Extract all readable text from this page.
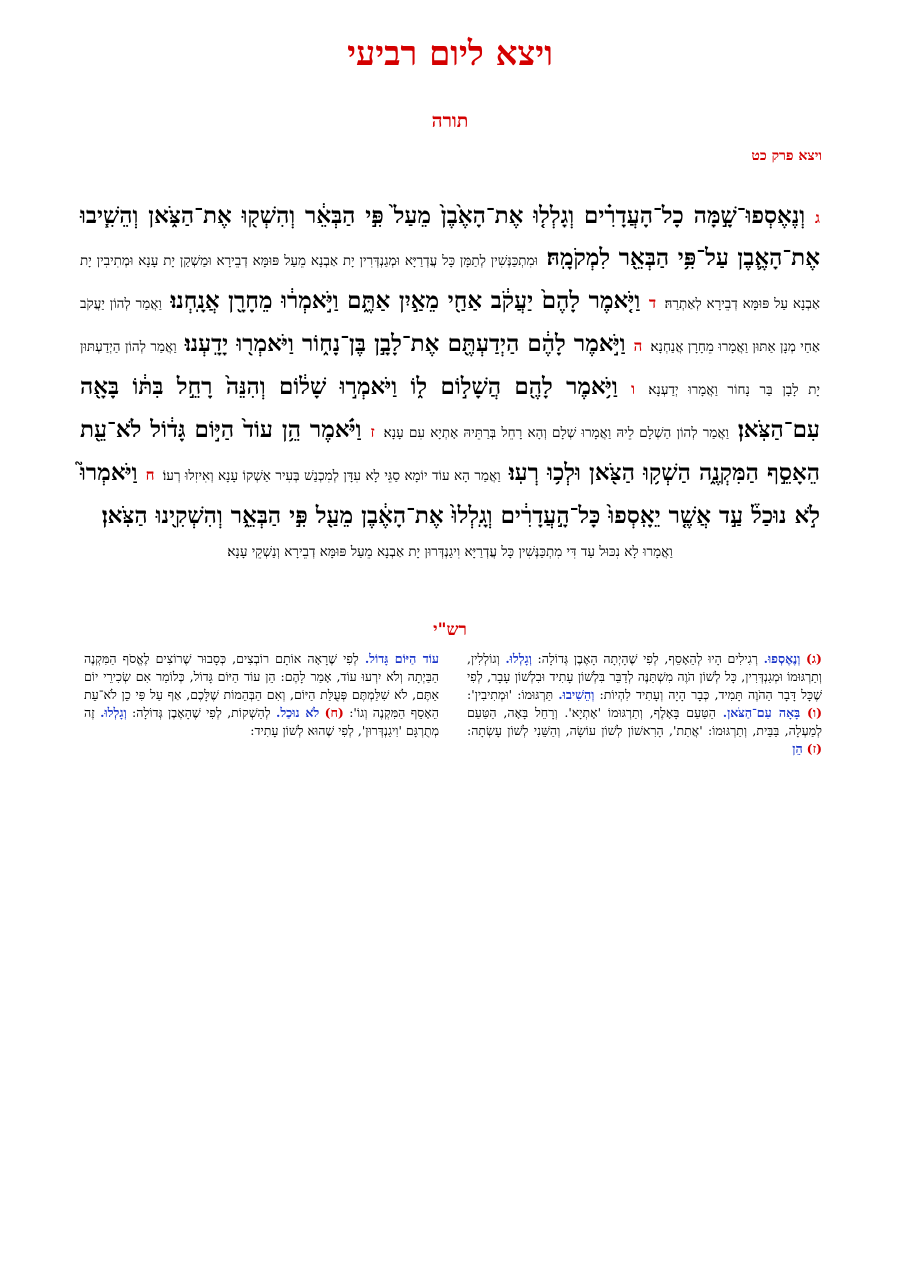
ויצא ליום רביעי
תורה
ויצא פרק כט
ג וְנֶאֶסְפוּ־שָׁ֣מָּה כָל־הָעֲדָרִ֗ים וְגָלְל֤וּ אֶת־הָאֶ֙בֶן֙ מֵעַל֙ פִּ֣י הַבְּאֵ֔ר וְהִשְׁק֖וּ אֶת־הַצֹּ֑אן וְהֵשִׁ֧יבוּ אֶת־הָאֶ֛בֶן עַל־פִּ֥י הַבְּאֵ֖ר לִמְקֹמָֽהּ׃ וּמִתְכַּנְּשִׁין לְתַמָּן כָּל עֲדְרַיָּא וּמְגַנְדְּרִין יָת אַבְנָא מֵעַל פּוּמָּא דְבֵירָא וּמַשְׁקַן יָת עָנָא וּמְתִיבִין יָת אַבְנָא עַל פּוּמָּא דְבֵירָא לְאַתְרַהּ׃ ד וַיֹּ֤אמֶר לָהֶם֙ יַעֲקֹ֔ב אַחַ֖י מֵאַ֣יִן אַתֶּ֑ם וַיֹּ֣אמְר֔וּ מֵחָרָ֖ן אֲנָֽחְנוּ׃ וַאֲמַר לְהוֹן יַעֲקֹב אַחַי מְנָן אַתּוּן וַאֲמָרוּ מֵחָרָן אֲנַחְנָא׃ ה וַיֹּ֣אמֶר לָהֶ֔ם הַיְדַעְתֶּ֖ם אֶת־לָבָ֣ן בֶּן־נָח֑וֹר וַיֹּאמְר֖וּ יָדָֽעְנוּ׃ וַאֲמַר לְהוֹן הַיְדַעְתּוּן יָת לָבָן בַּר נָחוֹר וַאֲמָרוּ יְדַעְנָא׃ ו וַיֹּ֥אמֶר לָהֶ֖ם הֲשָׁל֣וֹם ל֑וֹ וַיֹּאמְר֣וּ שָׁל֔וֹם וְהִנֵּה֙ רָחֵ֣ל בִּתּ֔וֹ בָּאָ֖ה עִם־הַצֹּֽאן׃ וַאֲמַר לְהוֹן הַשְׁלָם לֵיהּ וַאֲמָרוּ שְׁלָם וְהָא רָחֵל בְּרַתֵּיהּ אָתְיָא עִם עָנָא׃ ז וַיֹּ֗אמֶר הֵ֥ן עוֹד֙ הַיּ֣וֹם גָּד֔וֹל לֹא־עֵ֖ת הֵאָסֵ֣ף הַמִּקְנֶ֑ה הַשְׁק֥וּ הַצֹּ֖אן וּלְכ֥וּ רְעֽוּ׃ וַאֲמַר הָא עוֹד יוֹמָא סַגֵּי לָא עִדָּן לְמִכְנַשׁ בְּעִיר אַשְׁקוֹ עָנָא וְאִיזִלוּ רְעוֹ׃ ח וַיֹּאמְרוּ֮ לֹ֣א נוּכַל֒ עַ֣ד אֲשֶׁ֤ר יֵאָֽסְפוּ֙ כָּל־הָ֣עֲדָרִ֔ים וְגָֽלְלוּ֙ אֶת־הָאֶ֔בֶן מֵעַ֖ל פִּ֣י הַבְּאֵ֑ר וְהִשְׁקִ֖ינוּ הַצֹּֽאן׃
וַאֲמָרוּ לָא נִכּוּל עַד דִּי מִתְכַּנְּשִׁין כָּל עֲדְרַיָּא וִיגַנְדְּרוּן יָת אַבְנָא מֵעַל פּוּמָּא דְבֵירָא וְנַשְׁקֵי עָנָא׃
רש"י
(ג) וְנֶאֶסְפוּ. רְגִילִים הָיוּ לְהֵאָסֵף, לְפִי שֶׁהָיְתָה הָאֶבֶן גְּדוֹלָה: וְגָלְלוּ. וְגוֹלְלִין, וְתַרְגּוּמוֹ וּמְגַנְדְּרִין, כָּל לְשׁוֹן הֹוֶה מִשְׁתַּנֶּה לְדַבֵּר בִּלְשׁוֹן עָתִיד וּבִלְשׁוֹן עָבָר, לְפִי שֶׁכָּל דָּבָר הַהֹוֶה תָּמִיד, כְּבָר הָיָה וְעָתִיד לִהְיוֹת: וְהֵשִׁיבוּ. תַּרְגּוּמוֹ: 'וּמְתִיבִין': (ו) בָּאָה עִם־הַצֹּאן. הַטַּעַם בָּאָלֶף, וְתַרְגּוּמוֹ 'אָתְיָא'. וְרָחֵל בָּאָה, הַטַּעַם לְמַעְלָה, בַּבֵּית, וְתַרְגּוּמוֹ: 'אֲתַת', הָרִאשׁוֹן לְשׁוֹן עוֹשָׂה, וְהַשֵּׁנִי לְשׁוֹן עָשְׂתָה: (ז) הֵן
עוֹד הַיּוֹם גָּדוֹל. לְפִי שֶׁרָאָה אוֹתָם רוֹבְצִים, כְּסָבוּר שֶׁרוֹצִים לֶאֱסֹף הַמִּקְנֶה הַבַּיְתָה וְלֹא יִרְעוּ עוֹד, אָמַר לָהֶם: הֵן עוֹד הַיּוֹם גָּדוֹל, כְּלוֹמַר אִם שְׂכִירֵי יוֹם אַתֶּם, לֹא שִׁלַּמְתֶּם פְּעֻלַּת הַיּוֹם, וְאִם הַבְּהֵמוֹת שֶׁלָּכֶם, אַף עַל פִּי כֵן לֹא־עֵת הֵאָסֵף הַמִּקְנֶה וְגוֹ': (ח) לֹא נוּכַל. לְהַשְׁקוֹת, לְפִי שֶׁהָאֶבֶן גְּדוֹלָה: וְגָלְלוּ. זֶה מְתֻרְגָּם 'וִיגַנְדְּרוּן', לְפִי שֶׁהוּא לְשׁוֹן עָתִיד:
